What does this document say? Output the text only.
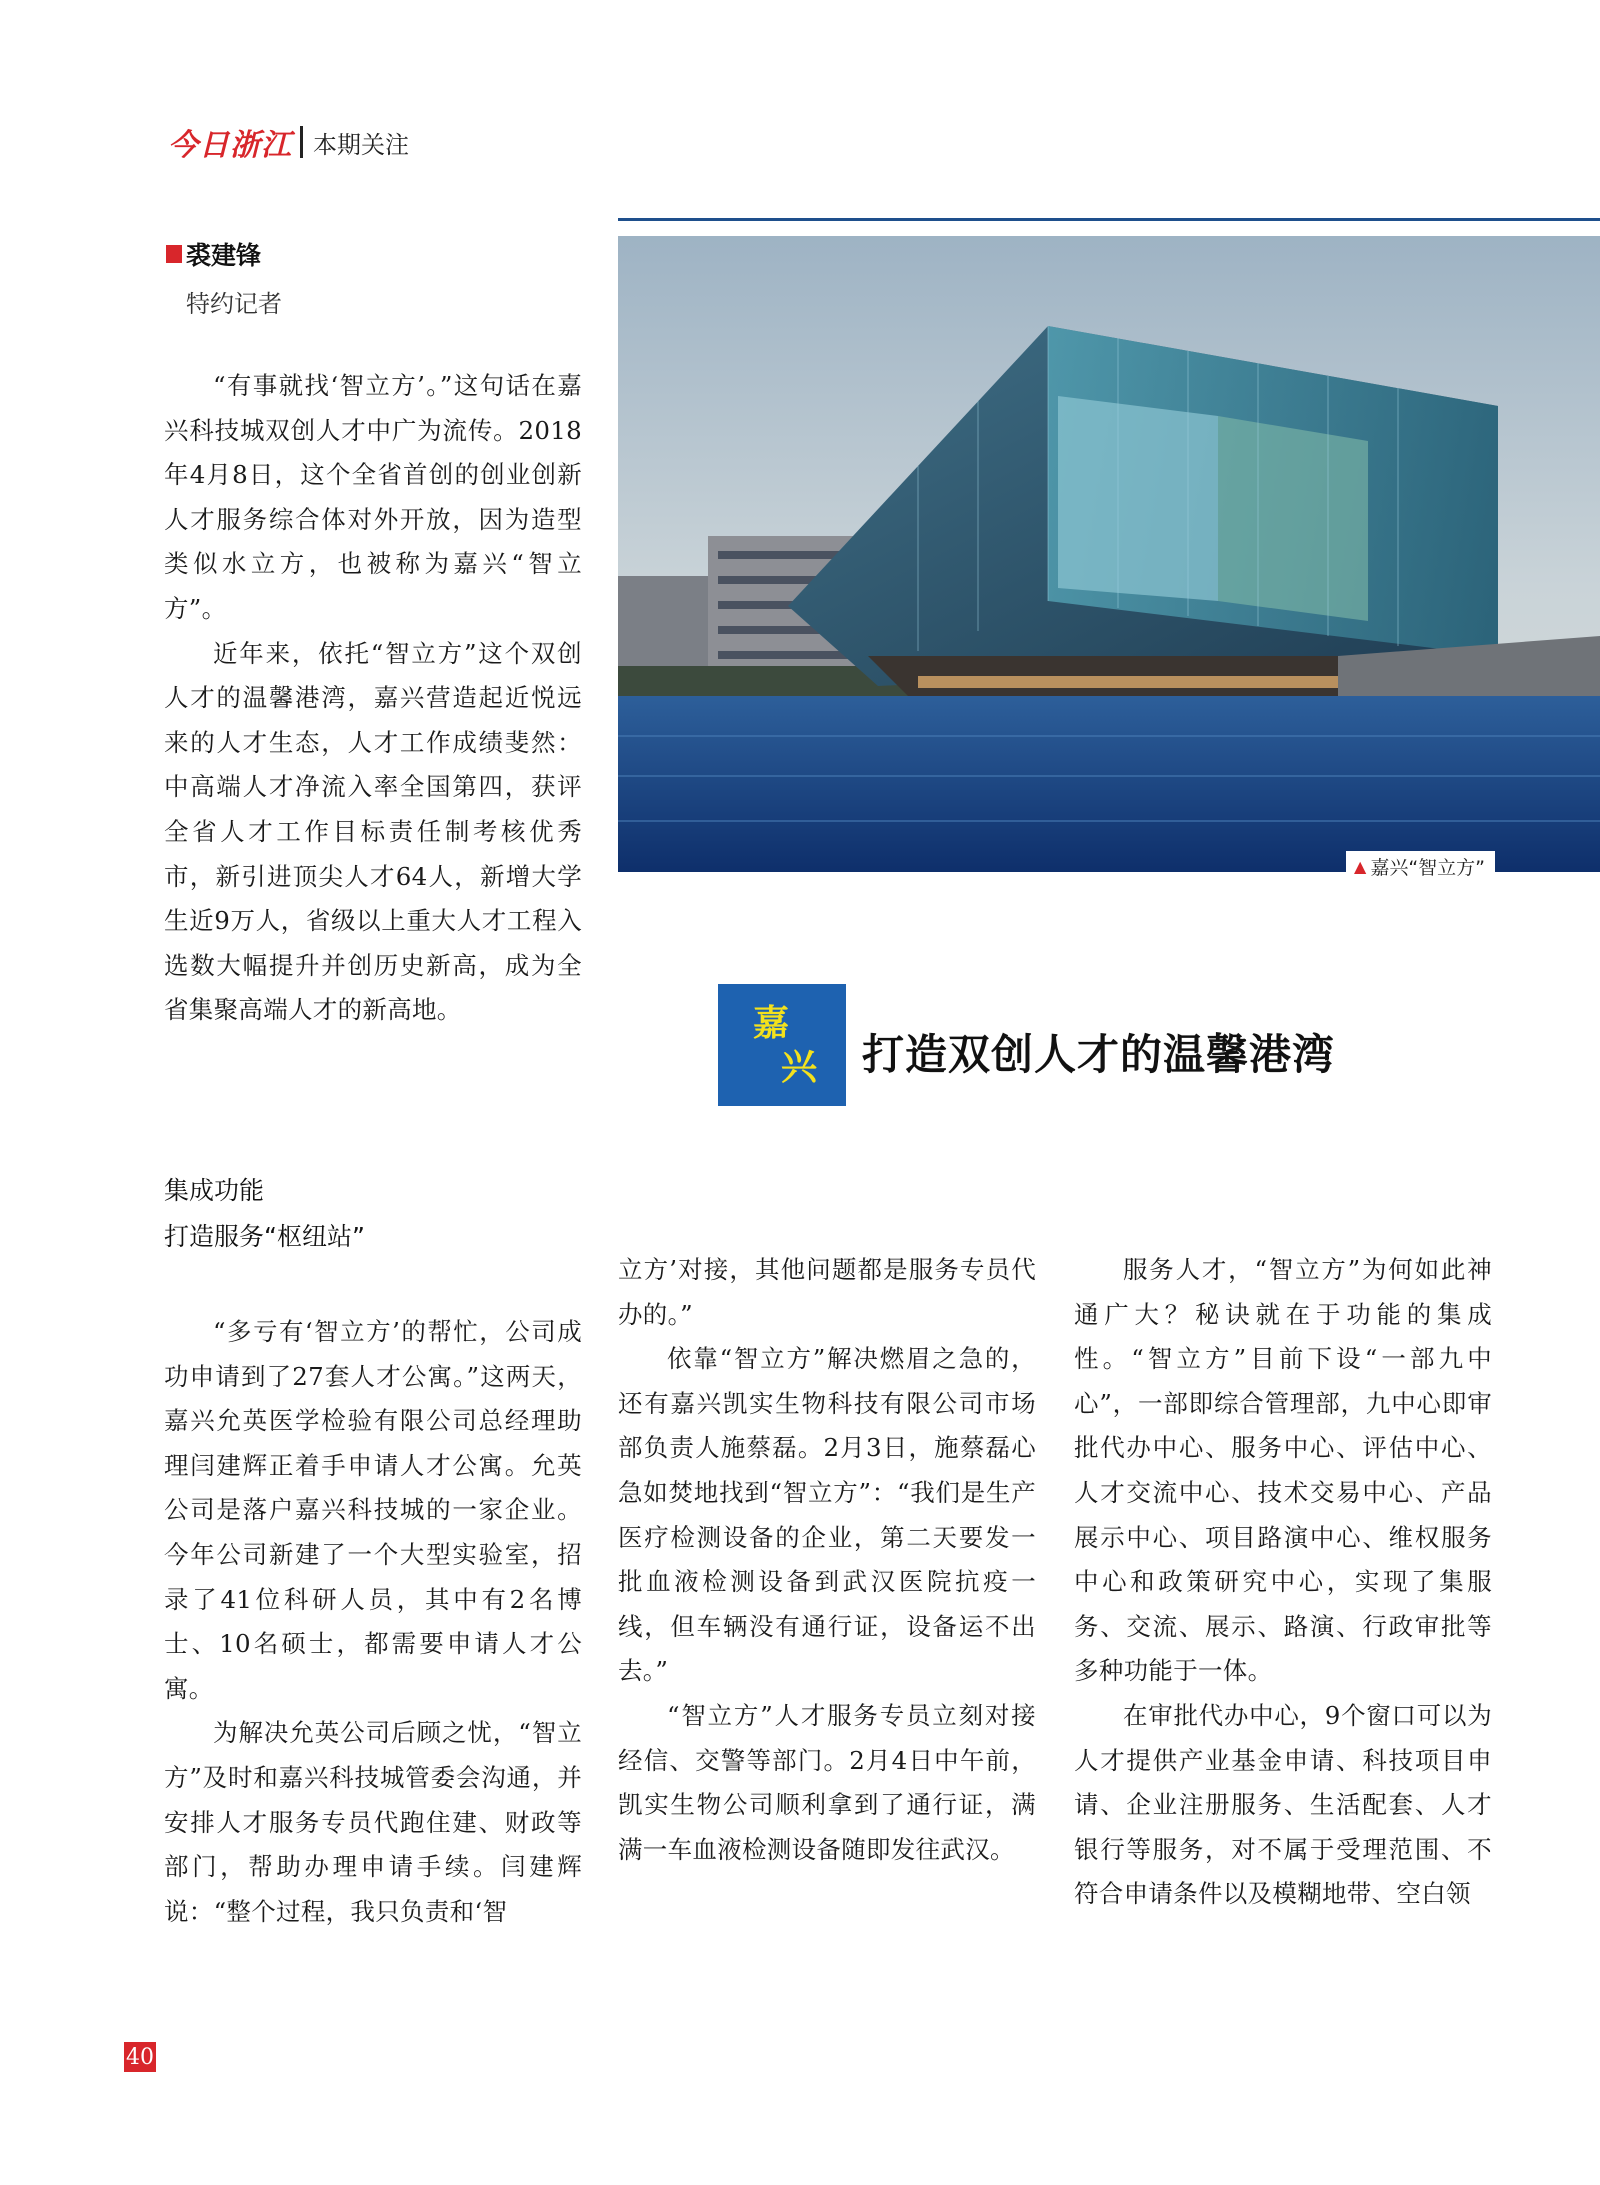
今日浙江 本期关注
裘建锋
特约记者
▲ 嘉兴“智立方”
嘉
兴 打造双创人才的温馨港湾

“有事就找‘智立方’。”这句话在嘉兴科技城双创人才中广为流传。2018年4月8日，这个全省首创的创业创新人才服务综合体对外开放，因为造型类似水立方，也被称为嘉兴“智立方”。

近年来，依托“智立方”这个双创人才的温馨港湾，嘉兴营造起近悦远来的人才生态，人才工作成绩斐然：中高端人才净流入率全国第四，获评全省人才工作目标责任制考核优秀市，新引进顶尖人才64人，新增大学生近9万人，省级以上重大人才工程入选数大幅提升并创历史新高，成为全省集聚高端人才的新高地。

集成功能
打造服务“枢纽站”

“多亏有‘智立方’的帮忙，公司成功申请到了27套人才公寓。”这两天，嘉兴允英医学检验有限公司总经理助理闫建辉正着手申请人才公寓。允英公司是落户嘉兴科技城的一家企业。今年公司新建了一个大型实验室，招录了41位科研人员，其中有2名博士、10名硕士，都需要申请人才公寓。

为解决允英公司后顾之忧，“智立方”及时和嘉兴科技城管委会沟通，并安排人才服务专员代跑住建、财政等部门，帮助办理申请手续。闫建辉说：“整个过程，我只负责和‘智

立方’对接，其他问题都是服务专员代办的。”

依靠“智立方”解决燃眉之急的，还有嘉兴凯实生物科技有限公司市场部负责人施蔡磊。2月3日，施蔡磊心急如焚地找到“智立方”：“我们是生产医疗检测设备的企业，第二天要发一批血液检测设备到武汉医院抗疫一线，但车辆没有通行证，设备运不出去。”

“智立方”人才服务专员立刻对接经信、交警等部门。2月4日中午前，凯实生物公司顺利拿到了通行证，满满一车血液检测设备随即发往武汉。

服务人才，“智立方”为何如此神通广大？秘诀就在于功能的集成性。“智立方”目前下设“一部九中心”，一部即综合管理部，九中心即审批代办中心、服务中心、评估中心、人才交流中心、技术交易中心、产品展示中心、项目路演中心、维权服务中心和政策研究中心，实现了集服务、交流、展示、路演、行政审批等多种功能于一体。

在审批代办中心，9个窗口可以为人才提供产业基金申请、科技项目申请、企业注册服务、生活配套、人才银行等服务，对不属于受理范围、不符合申请条件以及模糊地带、空白领

40
